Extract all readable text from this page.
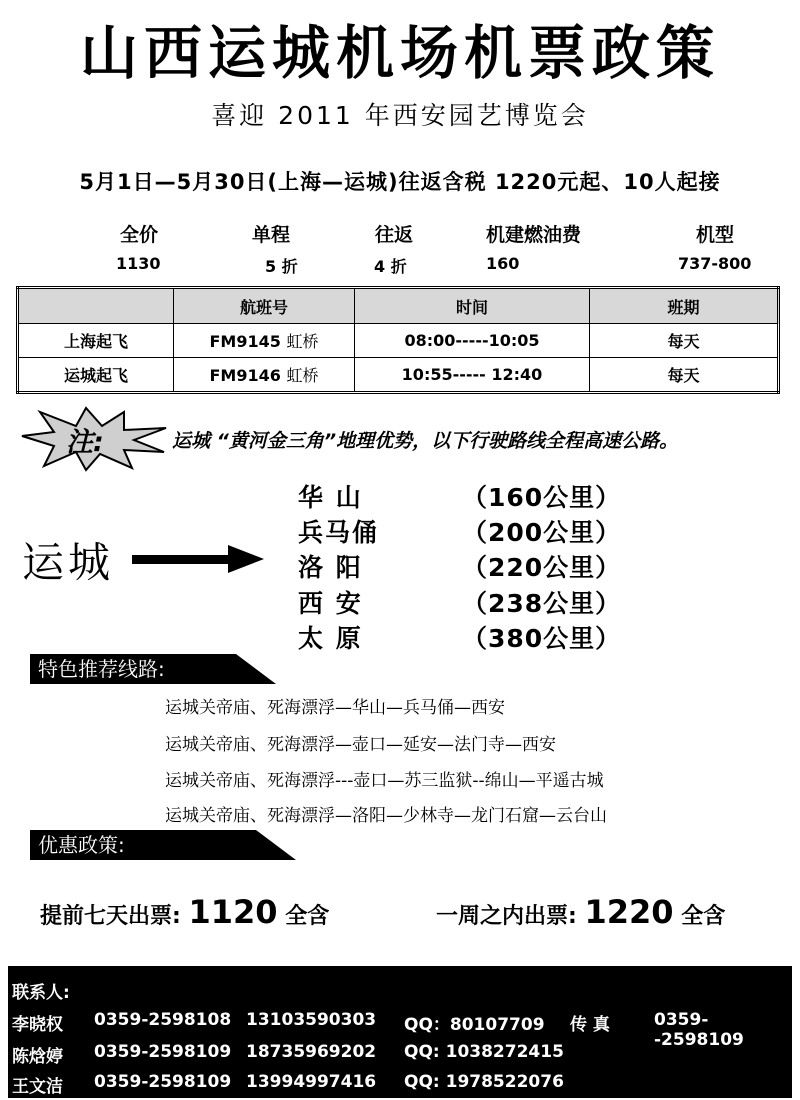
山西运城机场机票政策
喜迎 2011 年西安园艺博览会
5月1日—5月30日(上海—运城)往返含税 1220元起、10人起接
全价	单程	往返	机建燃油费	机型
1130	5 折	4 折	160	737-800
	航班号	时间	班期
上海起飞	FM9145 虹桥	08:00-----10:05	每天
运城起飞	FM9146 虹桥	10:55----- 12:40	每天
注:	运城 “黄河金三角”地理优势，以下行驶路线全程高速公路。
运城
华 山	（160公里）
兵马俑	（200公里）
洛 阳	（220公里）
西 安	（238公里）
太 原	（380公里）
特色推荐线路:
运城关帝庙、死海漂浮—华山—兵马俑—西安
运城关帝庙、死海漂浮—壶口—延安—法门寺—西安
运城关帝庙、死海漂浮---壶口—苏三监狱--绵山—平遥古城
运城关帝庙、死海漂浮—洛阳—少林寺—龙门石窟—云台山
优惠政策:
提前七天出票: 1120 全含	一周之内出票: 1220 全含
联系人:
李晓权 0359-2598108 13103590303 QQ：80107709 传 真	0359--2598109
陈焓婷 0359-2598109 18735969202 QQ: 1038272415
王文洁 0359-2598109 13994997416 QQ: 1978522076
